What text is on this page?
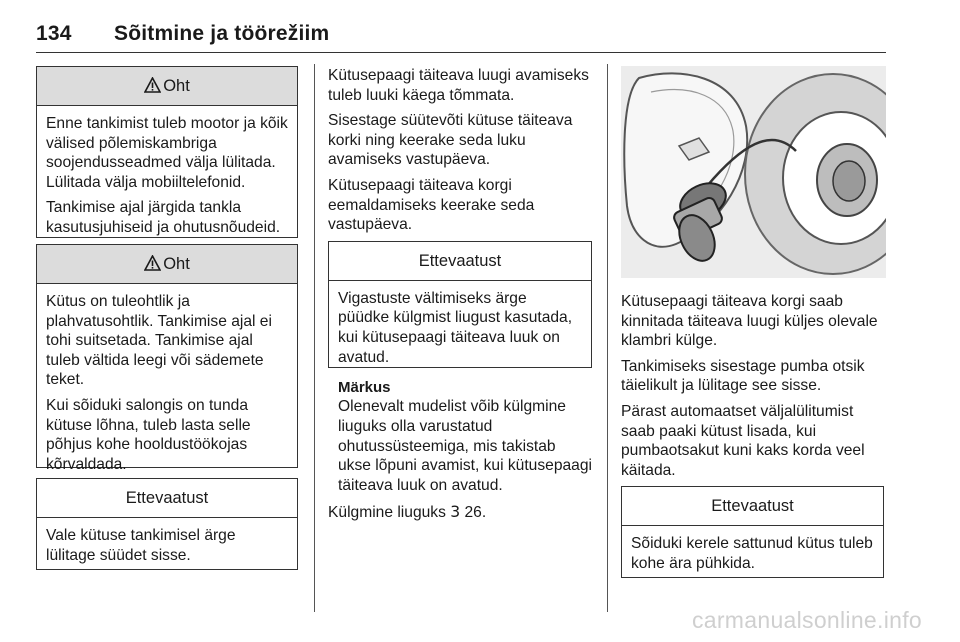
134 Sõitmine ja töörežiim
Oht

Enne tankimist tuleb mootor ja kõik välised põlemiskambriga soojendusseadmed välja lülitada. Lülitada välja mobiiltelefonid.

Tankimise ajal järgida tankla kasutusjuhiseid ja ohutusnõudeid.

Oht

Kütus on tuleohtlik ja plahvatusohtlik. Tankimise ajal ei tohi suitsetada. Tankimise ajal tuleb vältida leegi või sädemete teket.

Kui sõiduki salongis on tunda kütuse lõhna, tuleb lasta selle põhjus kohe hooldustöökojas kõrvaldada.

Ettevaatust

Vale kütuse tankimisel ärge lülitage süüdet sisse.

Kütusepaagi täiteava luugi avamiseks tuleb luuki käega tõmmata.

Sisestage süütevõti kütuse täiteava korki ning keerake seda luku avamiseks vastupäeva.

Kütusepaagi täiteava korgi eemaldamiseks keerake seda vastupäeva.

Ettevaatust

Vigastuste vältimiseks ärge püüdke külgmist liugust kasutada, kui kütusepaagi täiteava luuk on avatud.

Märkus
Olenevalt mudelist võib külgmine liuguks olla varustatud ohutussüsteemiga, mis takistab ukse lõpuni avamist, kui kütusepaagi täiteava luuk on avatud.

Külgmine liuguks 3 26.

Kütusepaagi täiteava korgi saab kinnitada täiteava luugi küljes olevale klambri külge.

Tankimiseks sisestage pumba otsik täielikult ja lülitage see sisse.

Pärast automaatset väljalülitumist saab paaki kütust lisada, kui pumbaotsakut kuni kaks korda veel käitada.

Ettevaatust

Sõiduki kerele sattunud kütus tuleb kohe ära pühkida.

carmanualsonline.info
